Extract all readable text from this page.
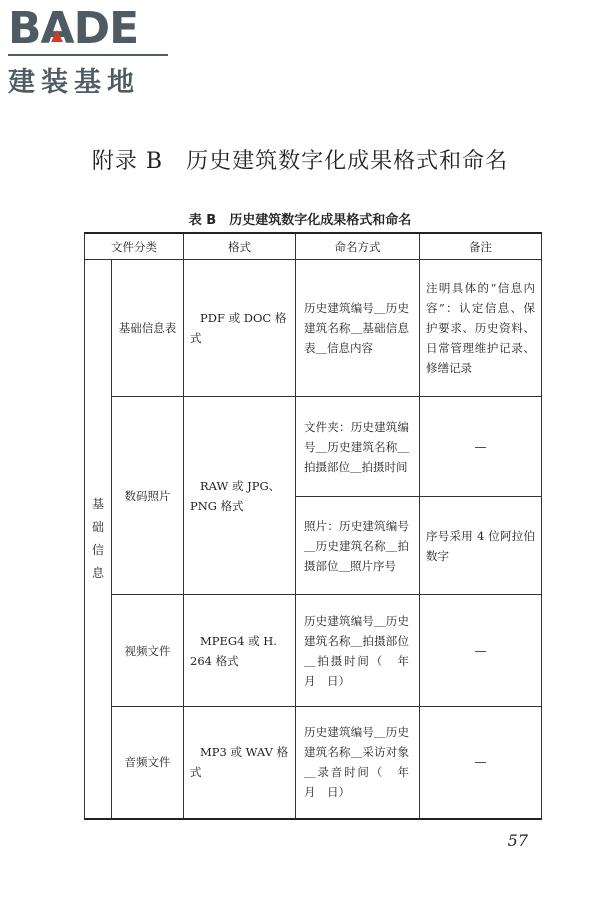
BA
DE
建装基地
附录 B　历史建筑数字化成果格式和命名
表 B　历史建筑数字化成果格式和命名
文件分类		格式	命名方式	备注

基础信息	基础信息表	PDF 或 DOC 格式	历史建筑编号＿历史建筑名称＿基础信息表＿信息内容	注明具体的“信息内容”：认定信息、保护要求、历史资料、日常管理维护记录、修缮记录
	数码照片	RAW 或 JPG、PNG 格式	文件夹：历史建筑编号＿历史建筑名称＿拍摄部位＿拍摄时间	—
			照片：历史建筑编号＿历史建筑名称＿拍摄部位＿照片序号	序号采用 4 位阿拉伯数字
	视频文件	MPEG4 或 H. 264 格式	历史建筑编号＿历史建筑名称＿拍摄部位＿拍摄时间（　年　月　日）	—
	音频文件	MP3 或 WAV 格式	历史建筑编号＿历史建筑名称＿采访对象＿录音时间（　年　月　日）	—
57
